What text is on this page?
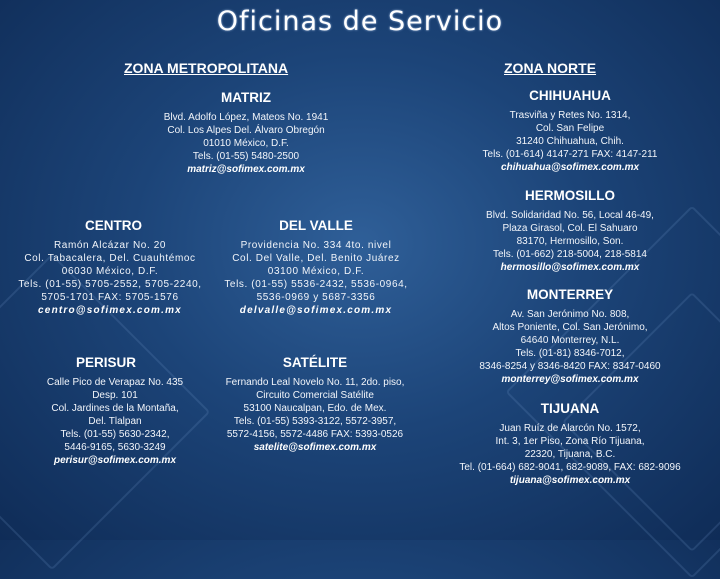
Oficinas de Servicio
ZONA METROPOLITANA	ZONA NORTE
MATRIZ
Blvd. Adolfo López, Mateos No. 1941
Col. Los Alpes Del. Álvaro Obregón
01010 México, D.F.
Tels. (01-55) 5480-2500
matriz@sofimex.com.mx
CENTRO
Ramón Alcázar No. 20
Col. Tabacalera, Del. Cuauhtémoc
06030 México, D.F.
Tels. (01-55) 5705-2552, 5705-2240,
5705-1701 FAX: 5705-1576
centro@sofimex.com.mx
DEL VALLE
Providencia No. 334 4to. nivel
Col. Del Valle, Del. Benito Juárez
03100 México, D.F.
Tels. (01-55) 5536-2432, 5536-0964,
5536-0969 y 5687-3356
delvalle@sofimex.com.mx
PERISUR
Calle Pico de Verapaz No. 435
Desp. 101
Col. Jardines de la Montaña,
Del. Tlalpan
Tels. (01-55) 5630-2342,
5446-9165, 5630-3249
perisur@sofimex.com.mx
SATÉLITE
Fernando Leal Novelo No. 11, 2do. piso,
Circuito Comercial Satélite
53100 Naucalpan, Edo. de Mex.
Tels. (01-55) 5393-3122, 5572-3957,
5572-4156, 5572-4486 FAX: 5393-0526
satelite@sofimex.com.mx
CHIHUAHUA
Trasviña y Retes No. 1314,
Col. San Felipe
31240 Chihuahua, Chih.
Tels. (01-614) 4147-271 FAX: 4147-211
chihuahua@sofimex.com.mx
HERMOSILLO
Blvd. Solidaridad No. 56, Local 46-49,
Plaza Girasol, Col. El Sahuaro
83170, Hermosillo, Son.
Tels. (01-662) 218-5004, 218-5814
hermosillo@sofimex.com.mx
MONTERREY
Av. San Jerónimo No. 808,
Altos Poniente, Col. San Jerónimo,
64640 Monterrey, N.L.
Tels. (01-81) 8346-7012,
8346-8254 y 8346-8420 FAX: 8347-0460
monterrey@sofimex.com.mx
TIJUANA
Juan Ruíz de Alarcón No. 1572,
Int. 3, 1er Piso, Zona Río Tijuana,
22320, Tijuana, B.C.
Tel. (01-664) 682-9041, 682-9089, FAX: 682-9096
tijuana@sofimex.com.mx
